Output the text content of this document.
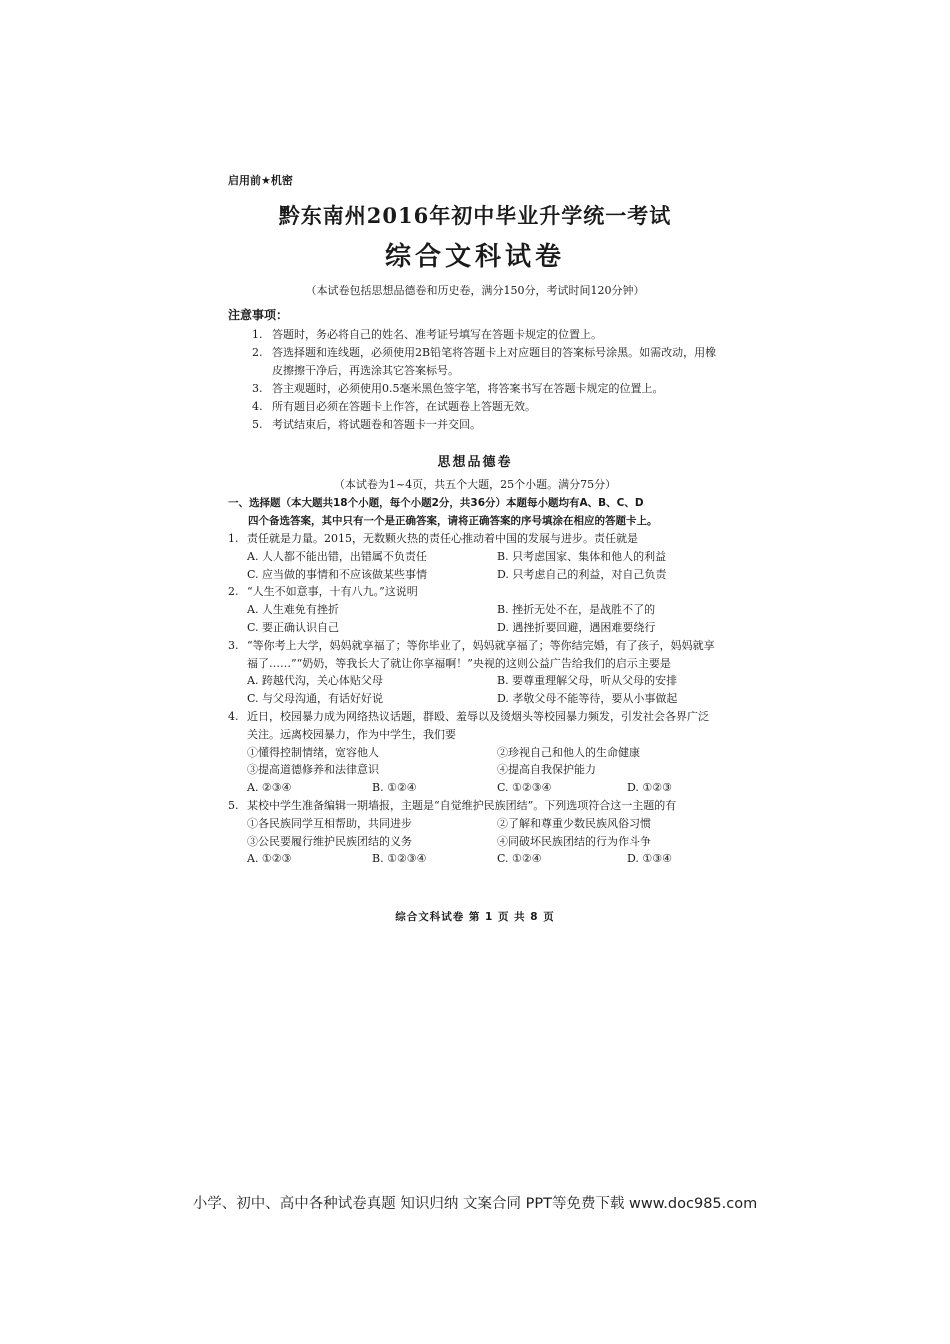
启用前★机密
黔东南州2016年初中毕业升学统一考试
综合文科试卷
（本试卷包括思想品德卷和历史卷，满分150分，考试时间120分钟）
注意事项：
1. 答题时，务必将自己的姓名、准考证号填写在答题卡规定的位置上。
2. 答选择题和连线题，必须使用2B铅笔将答题卡上对应题目的答案标号涂黑。如需改动，用橡皮擦擦干净后，再选涂其它答案标号。
3. 答主观题时，必须使用0.5毫米黑色签字笔，将答案书写在答题卡规定的位置上。
4. 所有题目必须在答题卡上作答，在试题卷上答题无效。
5. 考试结束后，将试题卷和答题卡一并交回。
思想品德卷
（本试卷为1~4页，共五个大题，25个小题。满分75分）
一、选择题（本大题共18个小题，每个小题2分，共36分）本题每小题均有A、B、C、D
四个备选答案，其中只有一个是正确答案，请将正确答案的序号填涂在相应的答题卡上。
1. 责任就是力量。2015，无数颗火热的责任心推动着中国的发展与进步。责任就是
A. 人人都不能出错，出错属不负责任	B. 只考虑国家、集体和他人的利益
C. 应当做的事情和不应该做某些事情	D. 只考虑自己的利益，对自己负责
2. “人生不如意事，十有八九。”这说明
A. 人生难免有挫折	B. 挫折无处不在，是战胜不了的
C. 要正确认识自己	D. 遇挫折要回避，遇困难要绕行
3. “等你考上大学，妈妈就享福了；等你毕业了，妈妈就享福了；等你结完婚，有了孩子，妈妈就享福了……”“奶奶，等我长大了就让你享福啊！”央视的这则公益广告给我们的启示主要是
A. 跨越代沟，关心体贴父母	B. 要尊重理解父母，听从父母的安排
C. 与父母沟通，有话好好说	D. 孝敬父母不能等待，要从小事做起
4. 近日，校园暴力成为网络热议话题，群殴、羞辱以及烫烟头等校园暴力频发，引发社会各界广泛关注。远离校园暴力，作为中学生，我们要
①懂得控制情绪，宽容他人	②珍视自己和他人的生命健康
③提高道德修养和法律意识	④提高自我保护能力
A. ②③④	B. ①②④	C. ①②③④	D. ①②③
5. 某校中学生准备编辑一期墙报，主题是“自觉维护民族团结”。下列选项符合这一主题的有
①各民族同学互相帮助，共同进步	②了解和尊重少数民族风俗习惯
③公民要履行维护民族团结的义务	④同破坏民族团结的行为作斗争
A. ①②③	B. ①②③④	C. ①②④	D. ①③④
综合文科试卷 第 1 页 共 8 页
小学、初中、高中各种试卷真题 知识归纳 文案合同 PPT等免费下载 www.doc985.com
